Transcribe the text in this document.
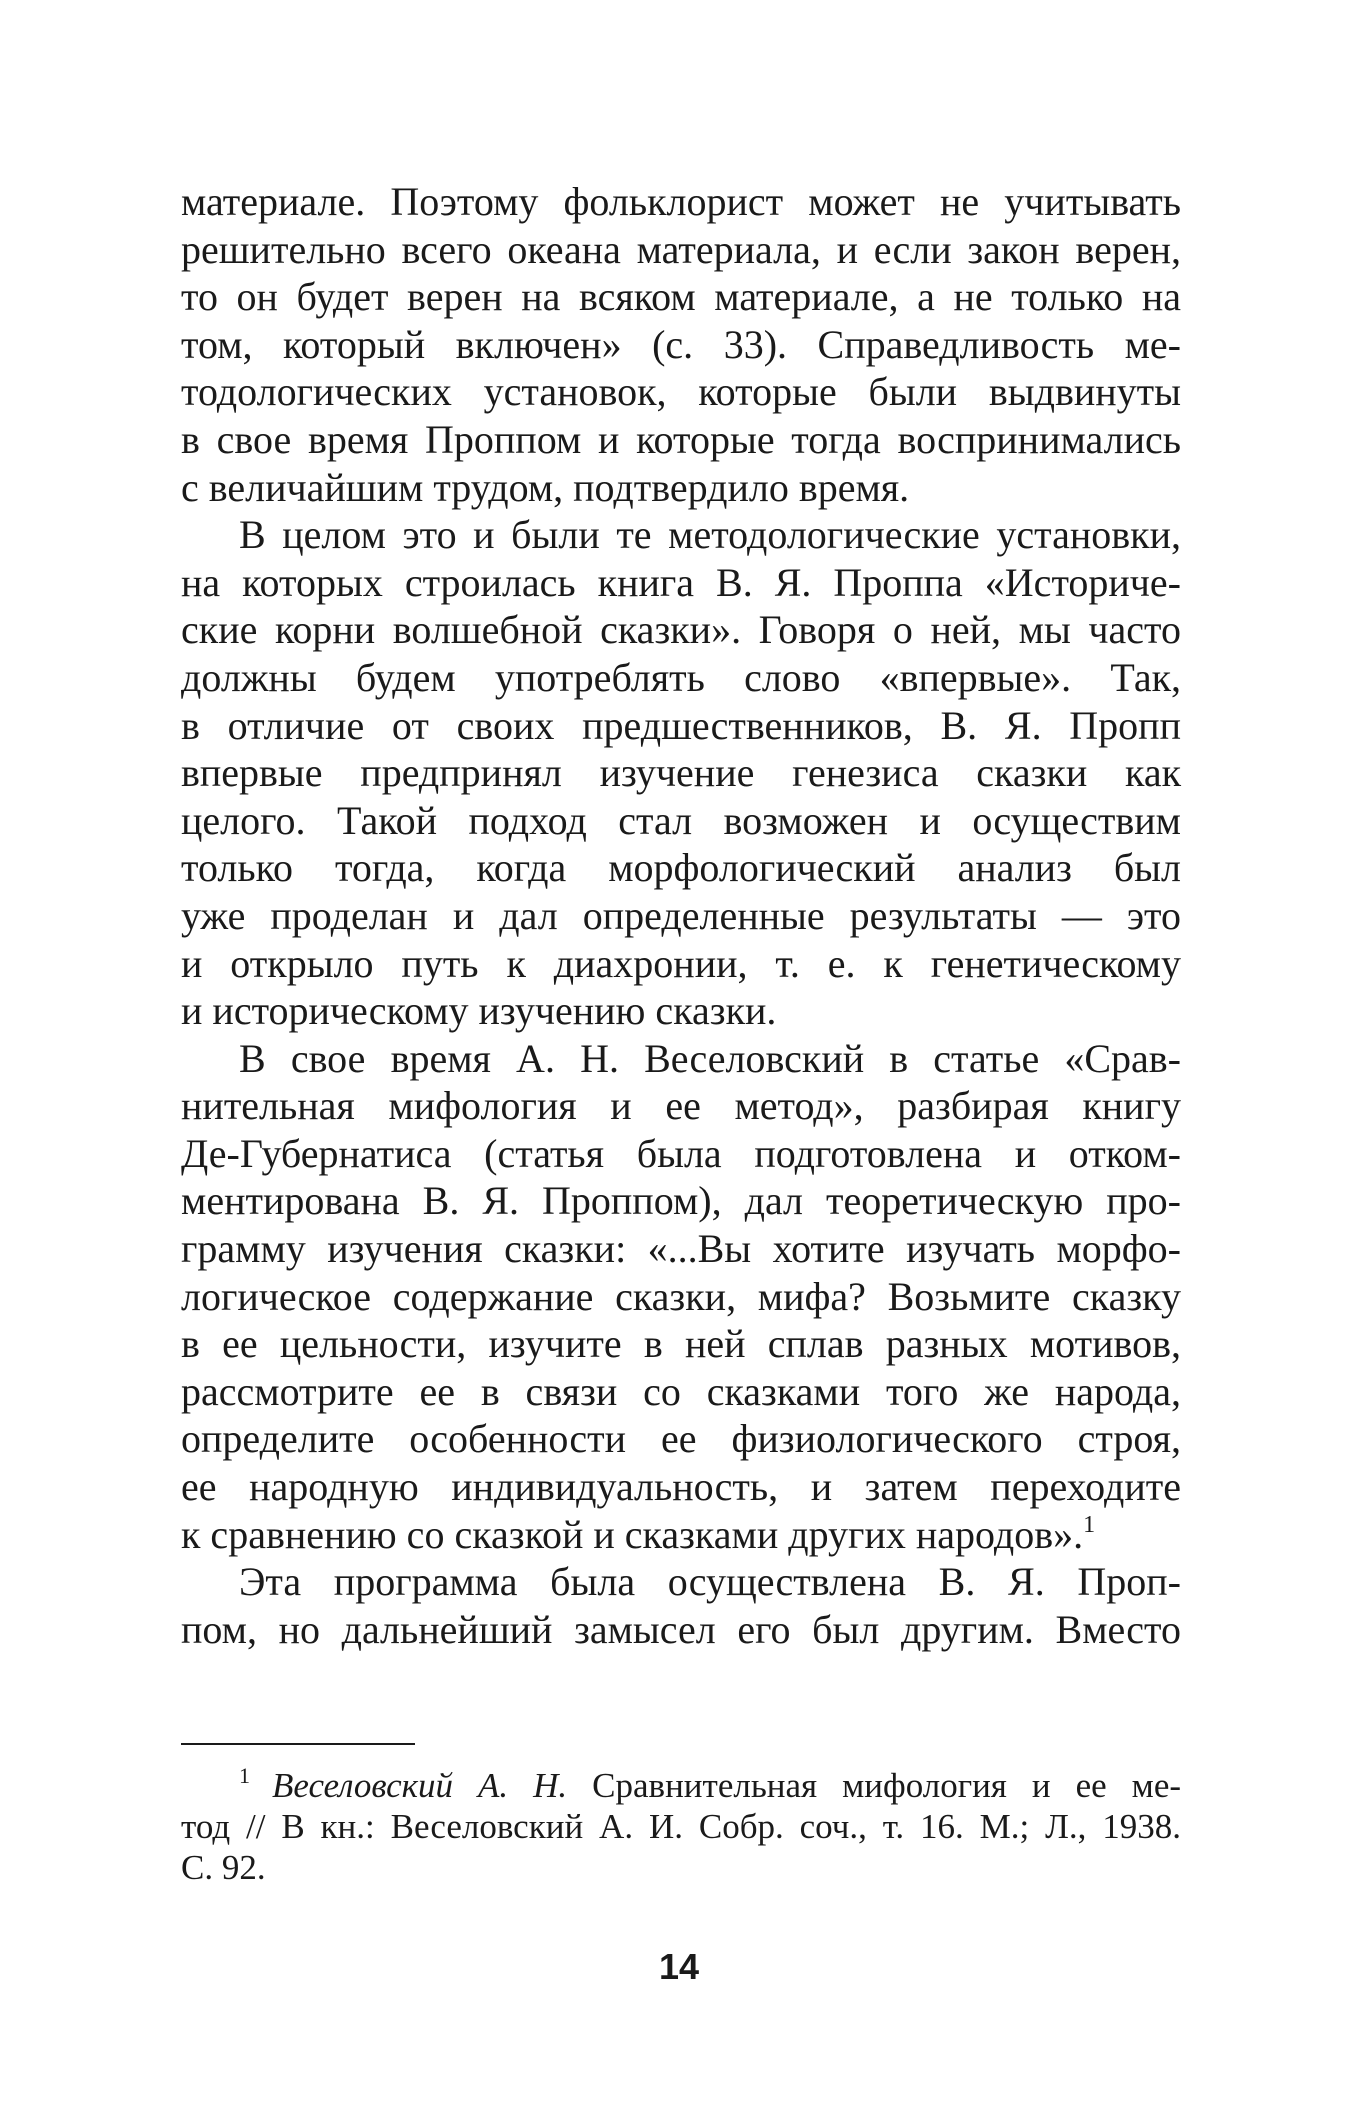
материале. Поэтому фольклорист может не учитывать
решительно всего океана материала, и если закон верен,
то он будет верен на всяком материале, а не только на
том, который включен» (с. 33). Справедливость ме-
тодологических установок, которые были выдвинуты
в свое время Проппом и которые тогда воспринимались
с величайшим трудом, подтвердило время.
В целом это и были те методологические установки,
на которых строилась книга В. Я. Проппа «Историче-
ские корни волшебной сказки». Говоря о ней, мы часто
должны будем употреблять слово «впервые». Так,
в отличие от своих предшественников, В. Я. Пропп
впервые предпринял изучение генезиса сказки как
целого. Такой подход стал возможен и осуществим
только тогда, когда морфологический анализ был
уже проделан и дал определенные результаты — это
и открыло путь к диахронии, т. е. к генетическому
и историческому изучению сказки.
В свое время А. Н. Веселовский в статье «Срав-
нительная мифология и ее метод», разбирая книгу
Де-Губернатиса (статья была подготовлена и отком-
ментирована В. Я. Проппом), дал теоретическую про-
грамму изучения сказки: «...Вы хотите изучать морфо-
логическое содержание сказки, мифа? Возьмите сказку
в ее цельности, изучите в ней сплав разных мотивов,
рассмотрите ее в связи со сказками того же народа,
определите особенности ее физиологического строя,
ее народную индивидуальность, и затем переходите
к сравнению со сказкой и сказками других народов».$^1$
Эта программа была осуществлена В. Я. Проп-
пом, но дальнейший замысел его был другим. Вместо
$^1$ Веселовский А. Н. Сравнительная мифология и ее ме-
тод // В кн.: Веселовский А. И. Собр. соч., т. 16. М.; Л., 1938.
С. 92.
14
